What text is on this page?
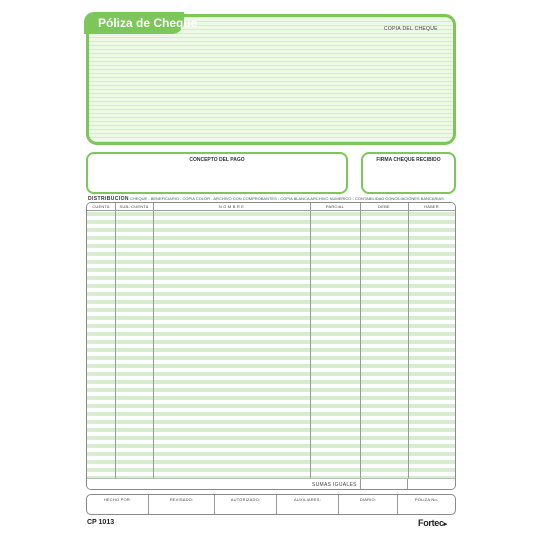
Póliza de Cheque	COPIA DEL CHEQUE
CONCEPTO DEL PAGO	FIRMA CHEQUE RECIBIDO
DISTRIBUCION CHEQUE - BENEFICIARIO - COPIA COLOR - ARCHIVO CON COMPROBANTES - COPIA BLANCA ARCHIVO NUMERICO - CONTABILIDAD CONCILIACIONES BANCARIAS
CUENTA	SUB- CUENTA	N O M B R E	PARCIAL	DEBE	HABER
SUMAS IGUALES
HECHO POR:	REVISADO:	AUTORIZADO:	AUXILIARES:	DIARIO:	POLIZA No.
CP 1013	Fortec▸
